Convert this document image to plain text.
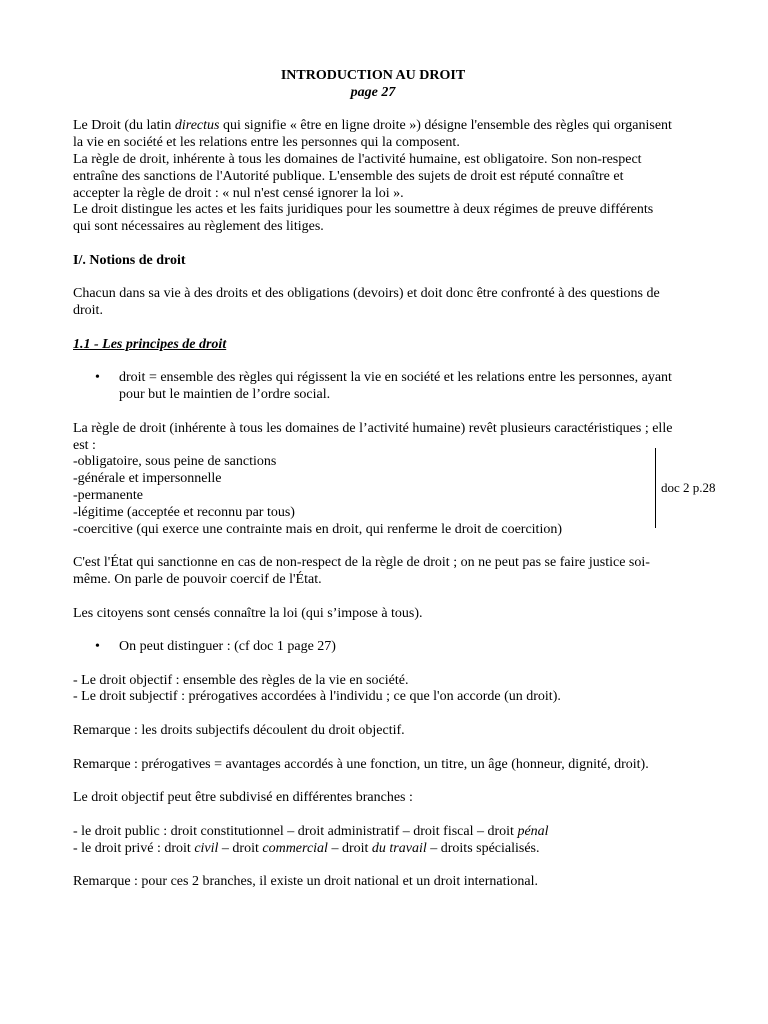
INTRODUCTION AU DROIT

page 27

Le Droit (du latin directus qui signifie « être en ligne droite ») désigne l'ensemble des règles qui organisent la vie en société et les relations entre les personnes qui la composent.

La règle de droit, inhérente à tous les domaines de l'activité humaine, est obligatoire. Son non-respect entraîne des sanctions de l'Autorité publique. L'ensemble des sujets de droit est réputé connaître et accepter la règle de droit : « nul n'est censé ignorer la loi ».

Le droit distingue les actes et les faits juridiques pour les soumettre à deux régimes de preuve différents qui sont nécessaires au règlement des litiges.

I/. Notions de droit

Chacun dans sa vie à des droits et des obligations (devoirs) et doit donc être confronté à des questions de droit.

1.1 - Les principes de droit

• droit = ensemble des règles qui régissent la vie en société et les relations entre les personnes, ayant pour but le maintien de l’ordre social.

La règle de droit (inhérente à tous les domaines de l’activité humaine) revêt plusieurs caractéristiques ; elle est :

-obligatoire, sous peine de sanctions

-générale et impersonnelle

-permanente

-légitime (acceptée et reconnu par tous)

-coercitive (qui exerce une contrainte mais en droit, qui renferme le droit de coercition)

doc 2 p.28

C'est l'État qui sanctionne en cas de non-respect de la règle de droit ; on ne peut pas se faire justice soi-même. On parle de pouvoir coercif de l'État.

Les citoyens sont censés connaître la loi (qui s’impose à tous).

• On peut distinguer : (cf doc 1 page 27)

- Le droit objectif : ensemble des règles de la vie en société.

- Le droit subjectif : prérogatives accordées à l'individu ; ce que l'on accorde (un droit).

Remarque : les droits subjectifs découlent du droit objectif.

Remarque : prérogatives = avantages accordés à une fonction, un titre, un âge (honneur, dignité, droit).

Le droit objectif peut être subdivisé en différentes branches :

- le droit public : droit constitutionnel – droit administratif – droit fiscal – droit pénal

- le droit privé : droit civil – droit commercial – droit du travail – droits spécialisés.

Remarque : pour ces 2 branches, il existe un droit national et un droit international.
